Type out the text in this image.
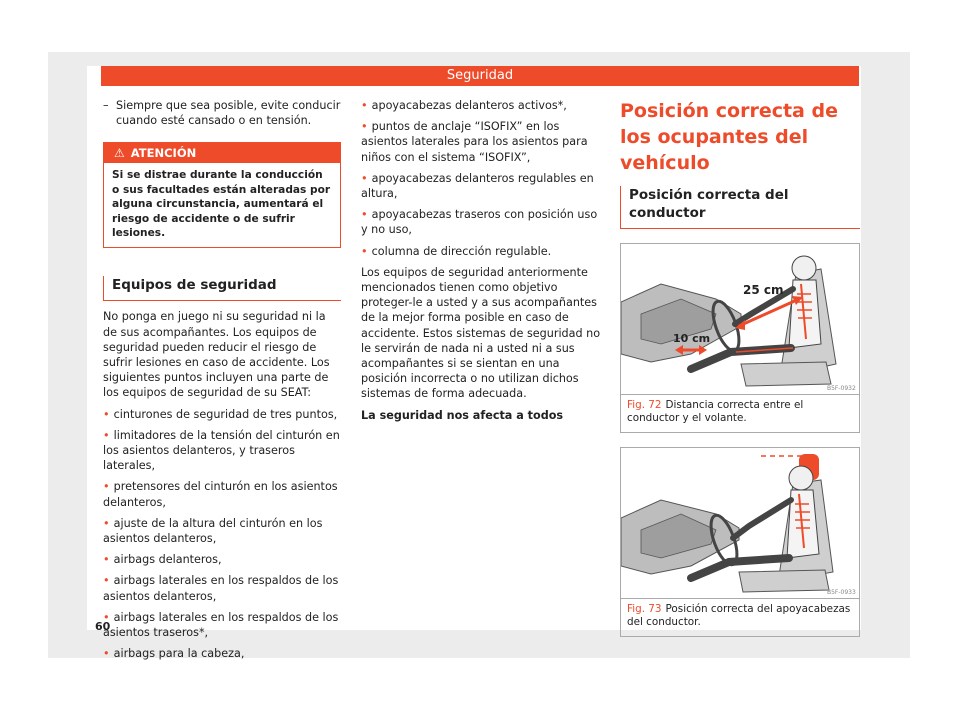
Seguridad
– Siempre que sea posible, evite conducir cuando esté cansado o en tensión.
⚠ ATENCIÓN
Si se distrae durante la conducción o sus facultades están alteradas por alguna circunstancia, aumentará el riesgo de accidente o de sufrir lesiones.
Equipos de seguridad

No ponga en juego ni su seguridad ni la de sus acompañantes. Los equipos de seguridad pueden reducir el riesgo de sufrir lesiones en caso de accidente. Los siguientes puntos incluyen una parte de los equipos de seguridad de su SEAT:

• cinturones de seguridad de tres puntos,

• limitadores de la tensión del cinturón en los asientos delanteros, y traseros laterales,

• pretensores del cinturón en los asientos delanteros,

• ajuste de la altura del cinturón en los asientos delanteros,

• airbags delanteros,

• airbags laterales en los respaldos de los asientos delanteros,

• airbags laterales en los respaldos de los asientos traseros*,

• airbags para la cabeza,

• apoyacabezas delanteros activos*,

• puntos de anclaje “ISOFIX” en los asientos laterales para los asientos para niños con el sistema “ISOFIX”,

• apoyacabezas delanteros regulables en altura,

• apoyacabezas traseros con posición uso y no uso,

• columna de dirección regulable.

Los equipos de seguridad anteriormente mencionados tienen como objetivo proteger-le a usted y a sus acompañantes de la mejor forma posible en caso de accidente. Estos sistemas de seguridad no le servirán de nada ni a usted ni a sus acompañantes si se sientan en una posición incorrecta o no utilizan dichos sistemas de forma adecuada.

La seguridad nos afecta a todos

Posición correcta de los ocupantes del vehículo
Posición correcta del conductor
25 cm
10 cm
B5F-0932
Fig. 72 Distancia correcta entre el conductor y el volante.
B5F-0933
Fig. 73 Posición correcta del apoyacabezas del conductor.
60
